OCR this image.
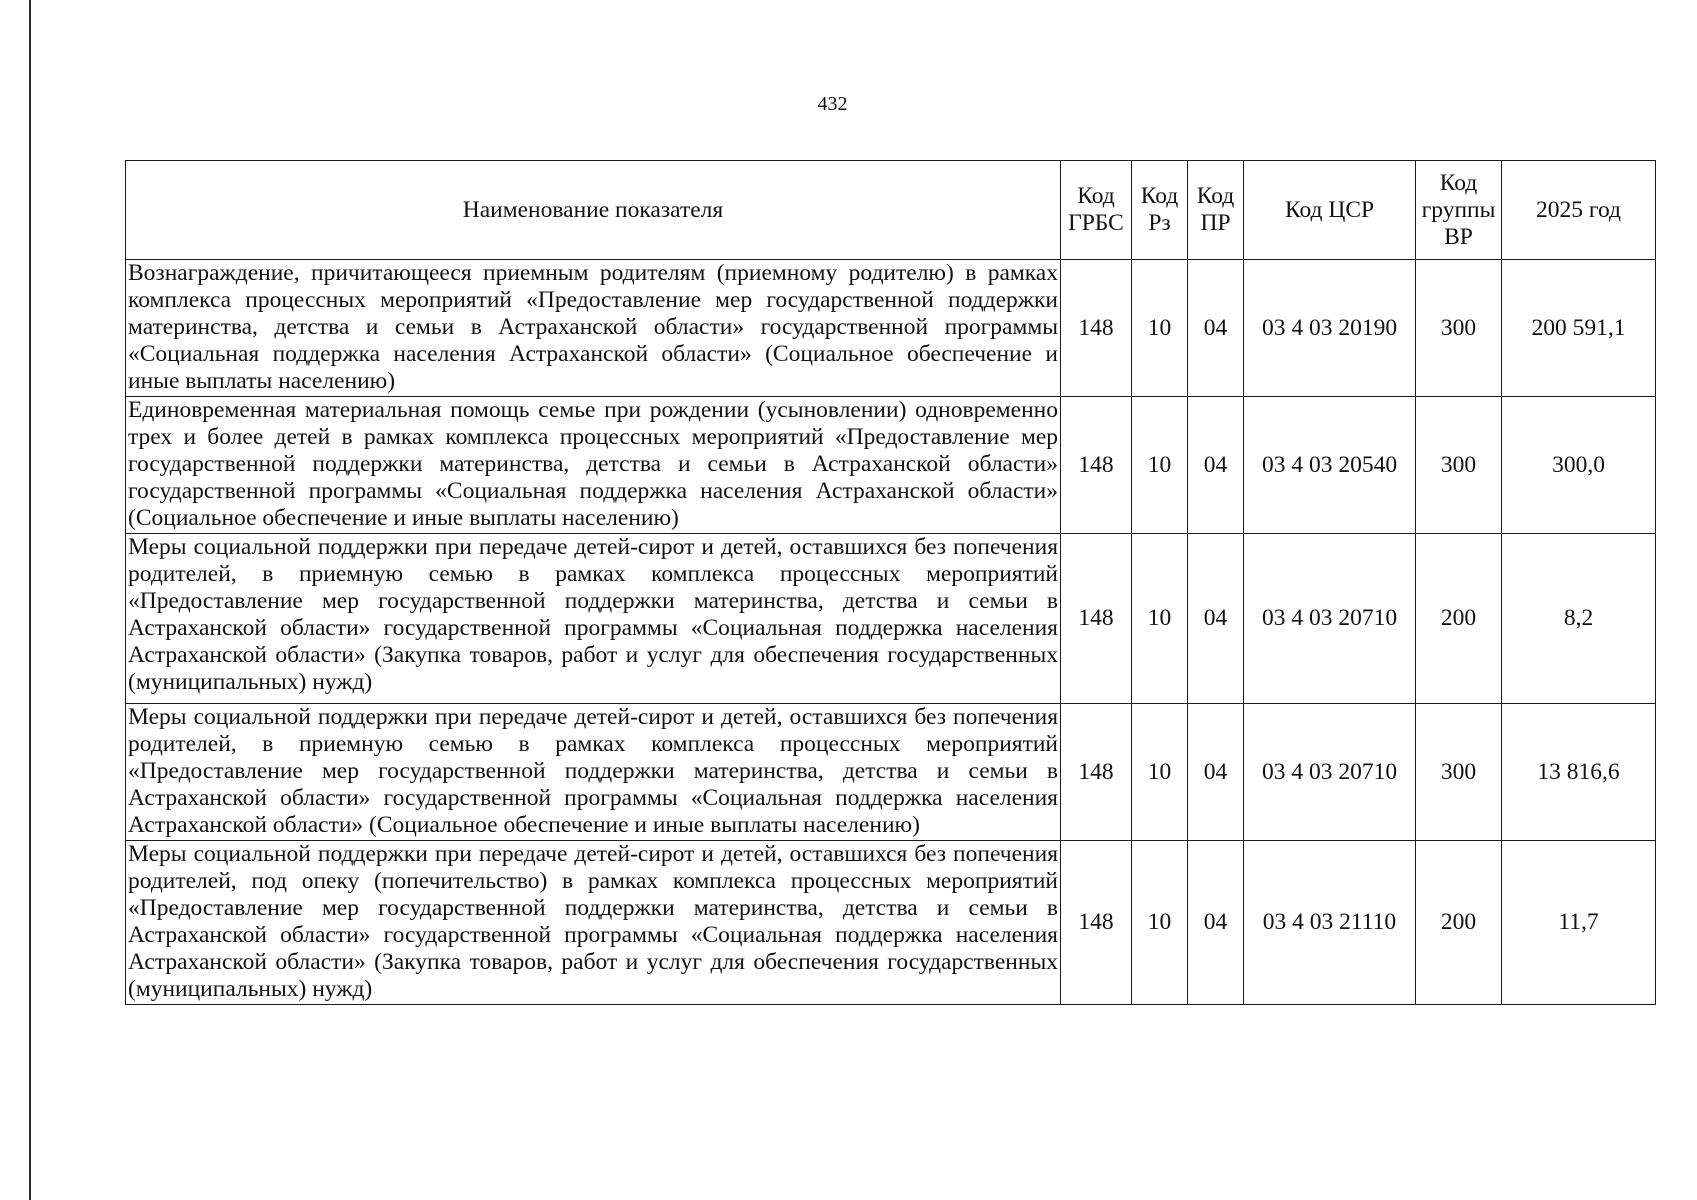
432
Наименование показателя	Код ГРБС	Код Рз	Код ПР	Код ЦСР	Код группы ВР	2025 год
Вознаграждение, причитающееся приемным родителям (приемному родителю) в рамках комплекса процессных мероприятий «Предоставление мер государственной поддержки материнства, детства и семьи в Астраханской области» государственной программы «Социальная поддержка населения Астраханской области» (Социальное обеспечение и иные выплаты населению)	148	10	04	03 4 03 20190	300	200 591,1
Единовременная материальная помощь семье при рождении (усыновлении) одновременно трех и более детей в рамках комплекса процессных мероприятий «Предоставление мер государственной поддержки материнства, детства и семьи в Астраханской области» государственной программы «Социальная поддержка населения Астраханской области» (Социальное обеспечение и иные выплаты населению)	148	10	04	03 4 03 20540	300	300,0
Меры социальной поддержки при передаче детей-сирот и детей, оставшихся без попечения родителей, в приемную семью в рамках комплекса процессных мероприятий «Предоставление мер государственной поддержки материнства, детства и семьи в Астраханской области» государственной программы «Социальная поддержка населения Астраханской области» (Закупка товаров, работ и услуг для обеспечения государственных (муниципальных) нужд)	148	10	04	03 4 03 20710	200	8,2
Меры социальной поддержки при передаче детей-сирот и детей, оставшихся без попечения родителей, в приемную семью в рамках комплекса процессных мероприятий «Предоставление мер государственной поддержки материнства, детства и семьи в Астраханской области» государственной программы «Социальная поддержка населения Астраханской области» (Социальное обеспечение и иные выплаты населению)	148	10	04	03 4 03 20710	300	13 816,6
Меры социальной поддержки при передаче детей-сирот и детей, оставшихся без попечения родителей, под опеку (попечительство) в рамках комплекса процессных мероприятий «Предоставление мер государственной поддержки материнства, детства и семьи в Астраханской области» государственной программы «Социальная поддержка населения Астраханской области» (Закупка товаров, работ и услуг для обеспечения государственных (муниципальных) нужд)	148	10	04	03 4 03 21110	200	11,7
